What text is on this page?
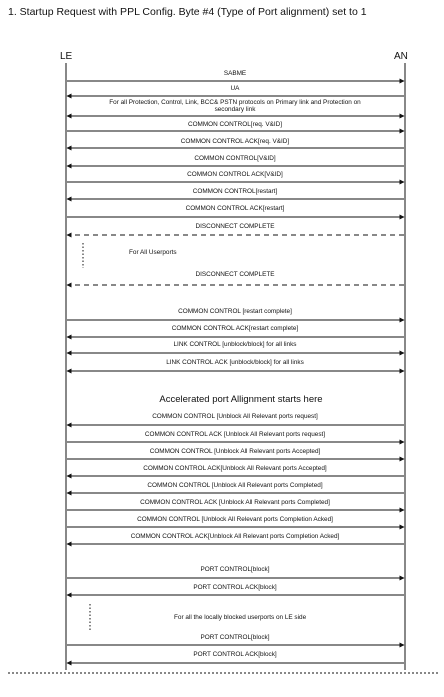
1. Startup Request with PPL Config. Byte #4 (Type of Port alignment) set to 1
LE	AN
SABME
UA
For all Protection, Control, Link, BCC& PSTN protocols on Primary link and Protection on
secondary link
COMMON CONTROL[req. V&ID]
COMMON CONTROL ACK[req. V&ID]
COMMON CONTROL[V&ID]
COMMON CONTROL ACK[V&ID]
COMMON CONTROL[restart]
COMMON CONTROL ACK[restart]
DISCONNECT COMPLETE
For All Userports
DISCONNECT COMPLETE
COMMON CONTROL [restart complete]
COMMON CONTROL ACK[restart complete]
LINK CONTROL [unblock/block] for all links
LINK CONTROL ACK [unblock/block] for all links
Accelerated port Allignment starts here
COMMON CONTROL [Unblock All Relevant ports request]
COMMON CONTROL ACK [Unblock All Relevant ports request]
COMMON CONTROL [Unblock All Relevant ports Accepted]
COMMON CONTROL ACK[Unblock All Relevant ports Accepted]
COMMON CONTROL [Unblock All Relevant ports Completed]
COMMON CONTROL ACK [Unblock All Relevant ports Completed]
COMMON CONTROL [Unblock All Relevant ports Completion Acked]
COMMON CONTROL ACK[Unblock All Relevant ports Completion Acked]
PORT CONTROL[block]
PORT CONTROL ACK[block]
For all the locally blocked userports on LE side
PORT CONTROL[block]
PORT CONTROL ACK[block]
